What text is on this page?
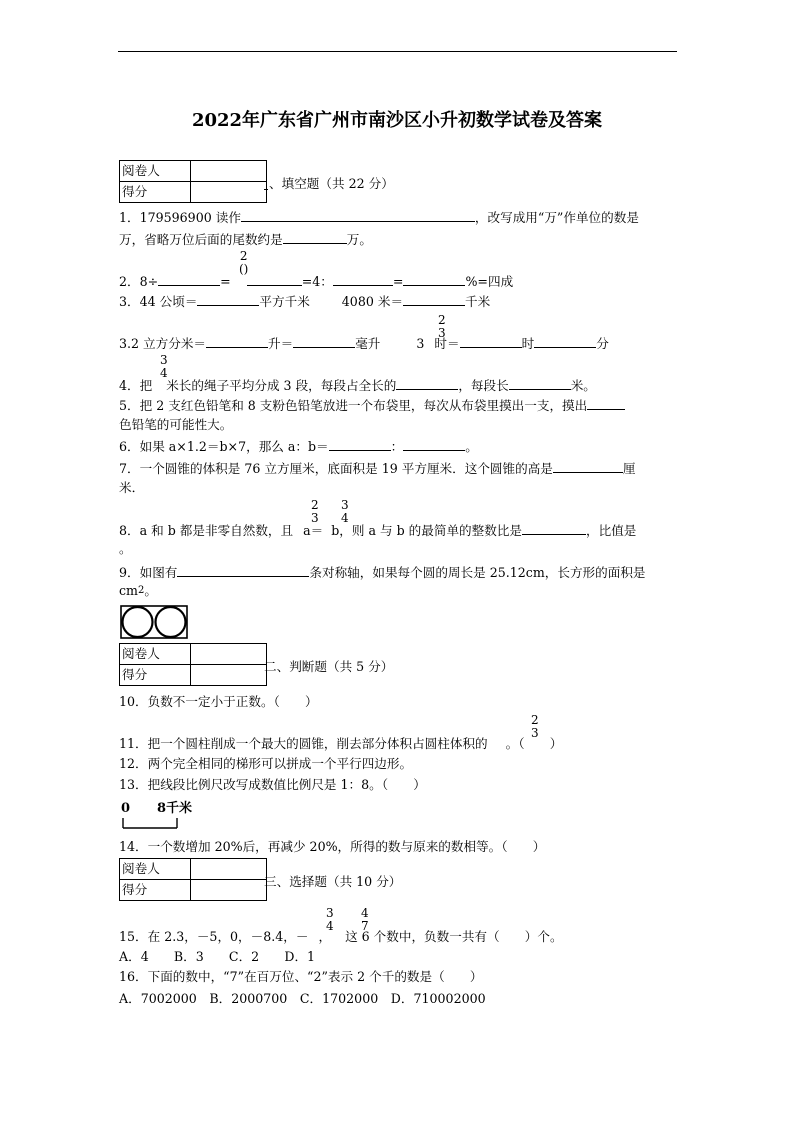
2022年广东省广州市南沙区小升初数学试卷及答案
阅卷人	
得分	
、填空题（共 22 分）
1．179596900 读作	，改写成用“万”作单位的数是
万，省略万位后面的尾数约是	万。
2
()
2．8÷	=	=4：	=	%=四成
3．44 公顷＝	平方千米	4080 米＝	千米
2
3
3.2 立方分米＝	升＝	毫升	3 时＝	时	分
3
4
4．把 米长的绳子平均分成 3 段，每段占全长的	，每段长	米。
5．把 2 支红色铅笔和 8 支粉色铅笔放进一个布袋里，每次从布袋里摸出一支，摸出
色铅笔的可能性大。
6．如果 a×1.2＝b×7，那么 a：b＝	：	。
7．一个圆锥的体积是 76 立方厘米，底面积是 19 平方厘米．这个圆锥的高是	厘
米．
2
3
3
4
8．a 和 b 都是非零自然数，且 a＝ b，则 a 与 b 的最简单的整数比是	，比值是
。
9．如图有	条对称轴，如果每个圆的周长是 25.12cm，长方形的面积是
$cm^2$。
阅卷人	
得分	
二、判断题（共 5 分）
10．负数不一定小于正数。（　　）
2
3
11．把一个圆柱削成一个最大的圆锥，削去部分体积占圆柱体积的 。（　　）
12．两个完全相同的梯形可以拼成一个平行四边形。
13．把线段比例尺改写成数值比例尺是 1：8。（　　）
0 8千米
14．一个数增加 20%后，再减少 20%，所得的数与原来的数相等。（　　）
阅卷人	
得分	
三、选择题（共 10 分）
3
4
4
7
15．在 2.3，－5，0，－8.4，－ ， 这 6 个数中，负数一共有（　　）个。
A．4　　B．3　　C．2　　D．1
16．下面的数中，“7”在百万位、“2”表示 2 个千的数是（　　）
A．7002000　B．2000700　C．1702000　D．710002000
